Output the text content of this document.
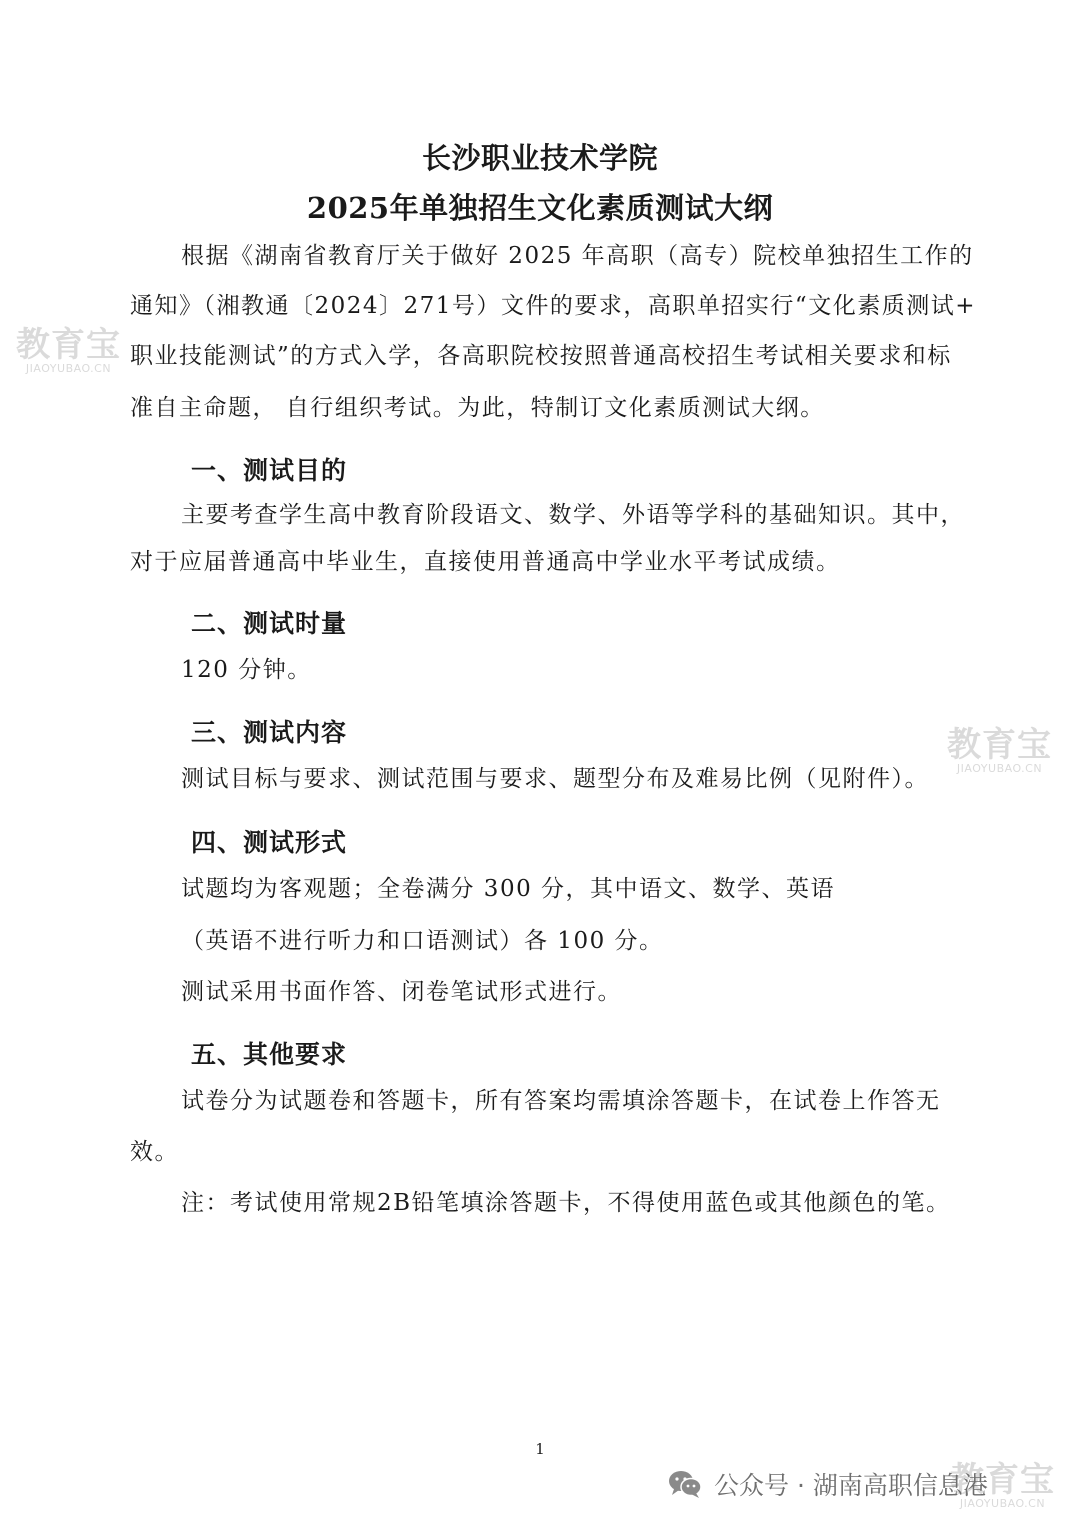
长沙职业技术学院
2025年单独招生文化素质测试大纲
根据《湖南省教育厅关于做好 2025 年高职（高专）院校单独招生工作的
通知》（湘教通〔2024〕271号）文件的要求，高职单招实行“文化素质测试+
职业技能测试”的方式入学，各高职院校按照普通高校招生考试相关要求和标
准自主命题， 自行组织考试。为此，特制订文化素质测试大纲。
一、测试目的
主要考查学生高中教育阶段语文、数学、外语等学科的基础知识。其中，
对于应届普通高中毕业生，直接使用普通高中学业水平考试成绩。
二、测试时量
120 分钟。
三、测试内容
测试目标与要求、测试范围与要求、题型分布及难易比例（见附件）。
四、测试形式
试题均为客观题；全卷满分 300 分，其中语文、数学、英语
（英语不进行听力和口语测试）各 100 分。
测试采用书面作答、闭卷笔试形式进行。
五、其他要求
试卷分为试题卷和答题卡，所有答案均需填涂答题卡，在试卷上作答无
效。
注：考试使用常规2B铅笔填涂答题卡，不得使用蓝色或其他颜色的笔。
1
教育宝
JIAOYUBAO.CN
教育宝
JIAOYUBAO.CN
教育宝
JIAOYUBAO.CN
公众号 · 湖南高职信息港
